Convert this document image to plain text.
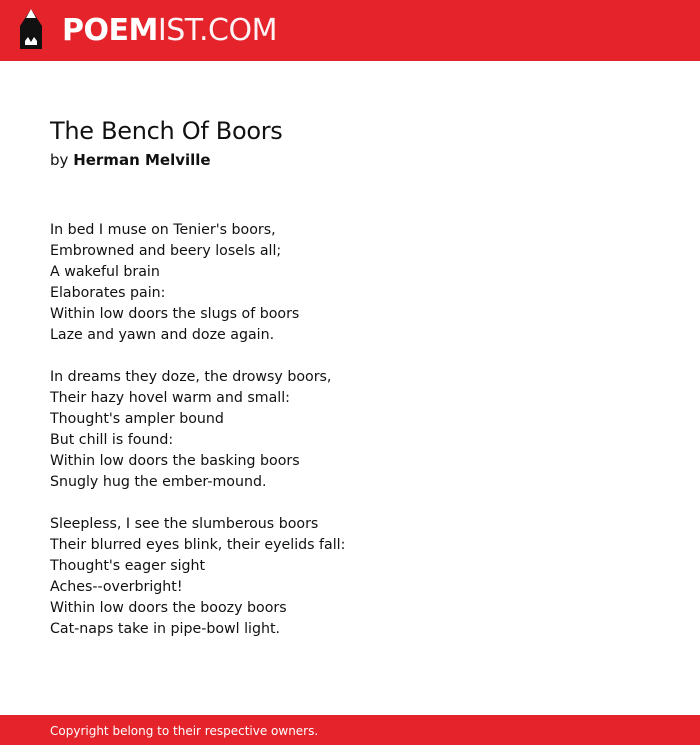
POEMIST.COM
The Bench Of Boors
by Herman Melville
In bed I muse on Tenier's boors,
Embrowned and beery losels all;
A wakeful brain
Elaborates pain:
Within low doors the slugs of boors
Laze and yawn and doze again.
In dreams they doze, the drowsy boors,
Their hazy hovel warm and small:
Thought's ampler bound
But chill is found:
Within low doors the basking boors
Snugly hug the ember-mound.
Sleepless, I see the slumberous boors
Their blurred eyes blink, their eyelids fall:
Thought's eager sight
Aches--overbright!
Within low doors the boozy boors
Cat-naps take in pipe-bowl light.
Copyright belong to their respective owners.
